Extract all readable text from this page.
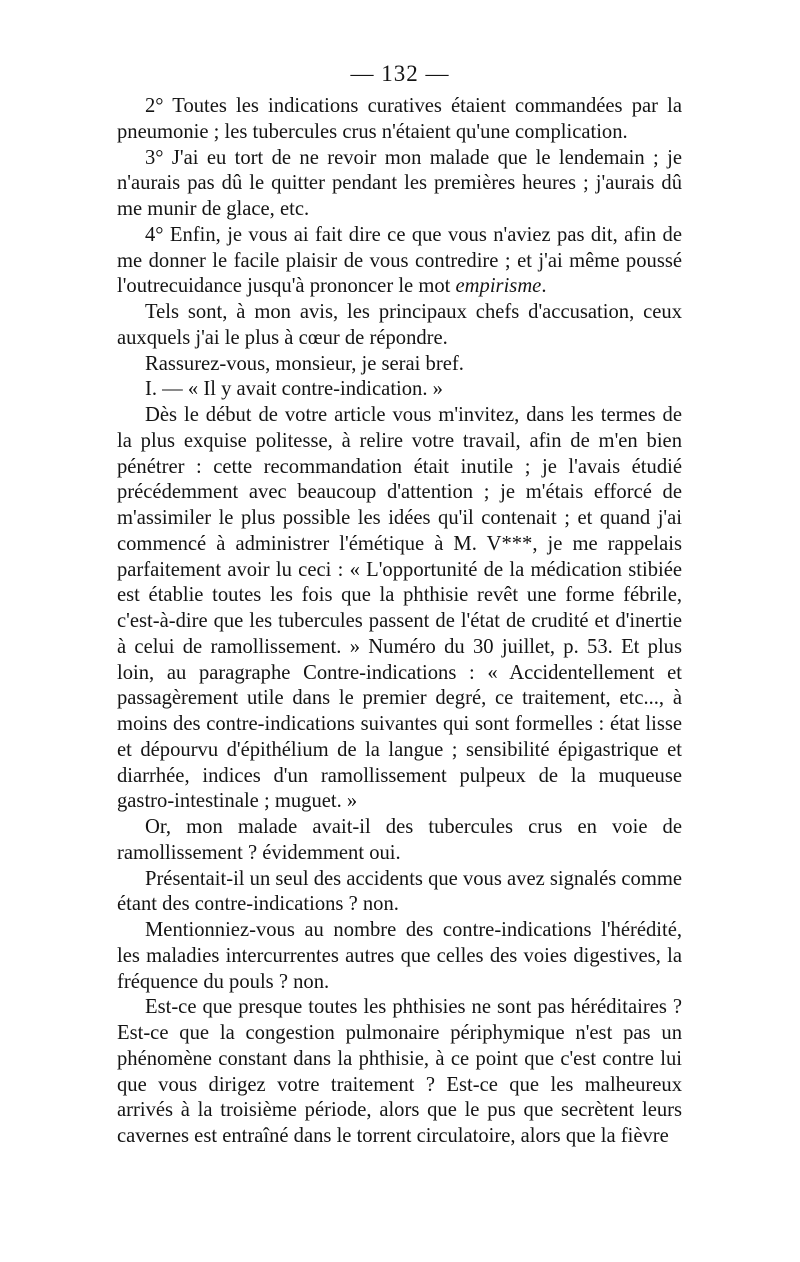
— 132 —

2° Toutes les indications curatives étaient commandées par la pneumonie ; les tubercules crus n'étaient qu'une complication.

3° J'ai eu tort de ne revoir mon malade que le lendemain ; je n'aurais pas dû le quitter pendant les premières heures ; j'aurais dû me munir de glace, etc.

4° Enfin, je vous ai fait dire ce que vous n'aviez pas dit, afin de me donner le facile plaisir de vous contredire ; et j'ai même poussé l'outrecuidance jusqu'à prononcer le mot empirisme.

Tels sont, à mon avis, les principaux chefs d'accusation, ceux auxquels j'ai le plus à cœur de répondre.

Rassurez-vous, monsieur, je serai bref.

I. — « Il y avait contre-indication. »

Dès le début de votre article vous m'invitez, dans les termes de la plus exquise politesse, à relire votre travail, afin de m'en bien pénétrer : cette recommandation était inutile ; je l'avais étudié précédemment avec beaucoup d'attention ; je m'étais efforcé de m'assimiler le plus possible les idées qu'il contenait ; et quand j'ai commencé à administrer l'émétique à M. V***, je me rappelais parfaitement avoir lu ceci : « L'opportunité de la médication stibiée est établie toutes les fois que la phthisie revêt une forme fébrile, c'est-à-dire que les tubercules passent de l'état de crudité et d'inertie à celui de ramollissement. » Numéro du 30 juillet, p. 53. Et plus loin, au paragraphe Contre-indications : « Accidentellement et passagèrement utile dans le premier degré, ce traitement, etc..., à moins des contre-indications suivantes qui sont formelles : état lisse et dépourvu d'épithélium de la langue ; sensibilité épigastrique et diarrhée, indices d'un ramollissement pulpeux de la muqueuse gastro-intestinale ; muguet. »

Or, mon malade avait-il des tubercules crus en voie de ramollissement ? évidemment oui.

Présentait-il un seul des accidents que vous avez signalés comme étant des contre-indications ? non.

Mentionniez-vous au nombre des contre-indications l'hérédité, les maladies intercurrentes autres que celles des voies digestives, la fréquence du pouls ? non.

Est-ce que presque toutes les phthisies ne sont pas héréditaires ? Est-ce que la congestion pulmonaire périphymique n'est pas un phénomène constant dans la phthisie, à ce point que c'est contre lui que vous dirigez votre traitement ? Est-ce que les malheureux arrivés à la troisième période, alors que le pus que secrètent leurs cavernes est entraîné dans le torrent circulatoire, alors que la fièvre
